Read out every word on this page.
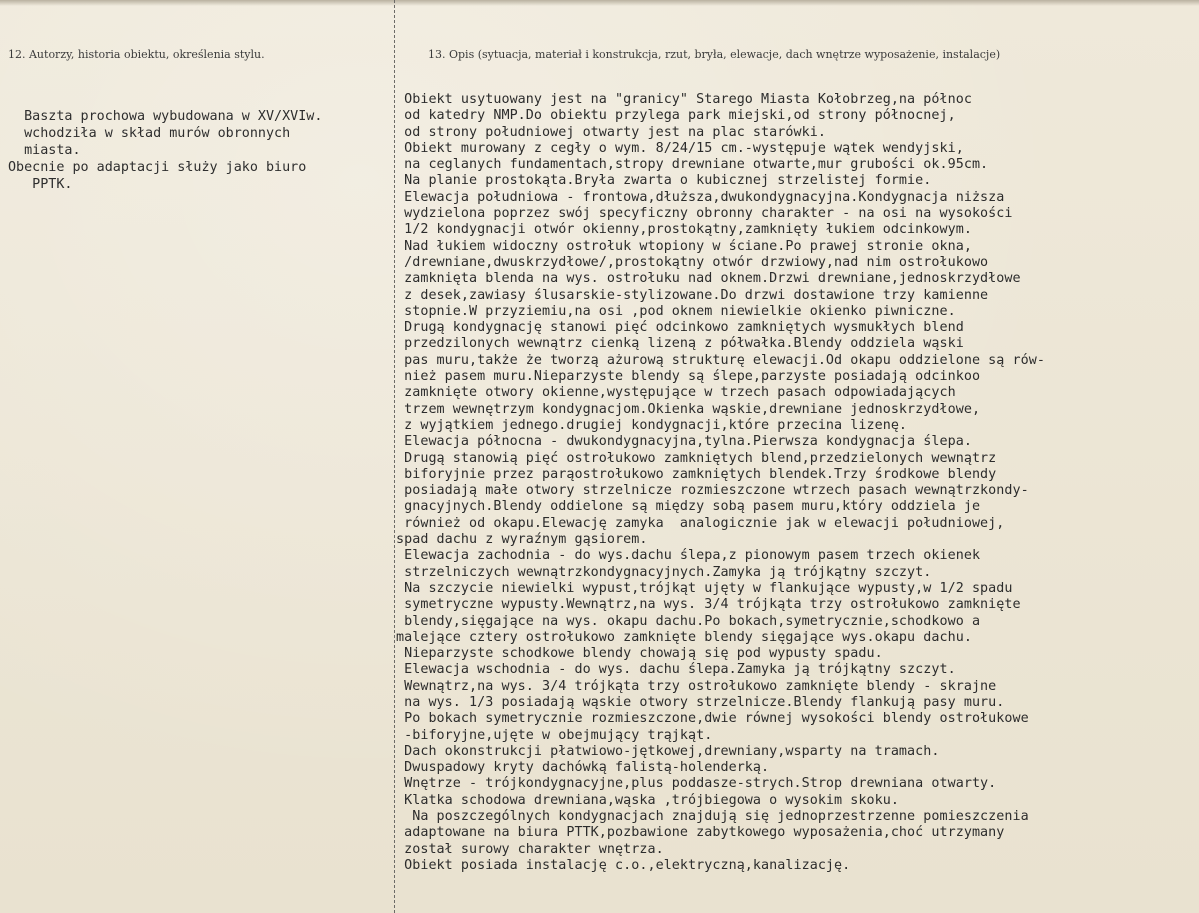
12. Autorzy, historia obiektu, określenia stylu.	13. Opis (sytuacja, materiał i konstrukcja, rzut, bryła, elewacje, dach wnętrze wyposażenie, instalacje)
Baszta prochowa wybudowana w XV/XVIw.
wchodziła w skład murów obronnych
miasta.
Obecnie po adaptacji służy jako biuro
PPTK.
Obiekt usytuowany jest na "granicy" Starego Miasta Kołobrzeg,na północ
od katedry NMP.Do obiektu przylega park miejski,od strony północnej,
od strony południowej otwarty jest na plac starówki.
Obiekt murowany z cegły o wym. 8/24/15 cm.-występuje wątek wendyjski,
na ceglanych fundamentach,stropy drewniane otwarte,mur grubości ok.95cm.
Na planie prostokąta.Bryła zwarta o kubicznej strzelistej formie.
Elewacja południowa - frontowa,dłuższa,dwukondygnacyjna.Kondygnacja niższa
wydzielona poprzez swój specyficzny obronny charakter - na osi na wysokości
1/2 kondygnacji otwór okienny,prostokątny,zamknięty łukiem odcinkowym.
Nad łukiem widoczny ostrołuk wtopiony w ściane.Po prawej stronie okna,
/drewniane,dwuskrzydłowe/,prostokątny otwór drzwiowy,nad nim ostrołukowo
zamknięta blenda na wys. ostrołuku nad oknem.Drzwi drewniane,jednoskrzydłowe
z desek,zawiasy ślusarskie-stylizowane.Do drzwi dostawione trzy kamienne
stopnie.W przyziemiu,na osi ,pod oknem niewielkie okienko piwniczne.
Drugą kondygnację stanowi pięć odcinkowo zamkniętych wysmukłych blend
przedzilonych wewnątrz cienką lizeną z półwałka.Blendy oddziela wąski
pas muru,także że tworzą ażurową strukturę elewacji.Od okapu oddzielone są rów-
nież pasem muru.Nieparzyste blendy są ślepe,parzyste posiadają odcinkoo
zamknięte otwory okienne,występujące w trzech pasach odpowiadających
trzem wewnętrzym kondygnacjom.Okienka wąskie,drewniane jednoskrzydłowe,
z wyjątkiem jednego.drugiej kondygnacji,które przecina lizenę.
Elewacja północna - dwukondygnacyjna,tylna.Pierwsza kondygnacja ślepa.
Drugą stanowią pięć ostrołukowo zamkniętych blend,przedzielonych wewnątrz
biforyjnie przez parąostrołukowo zamkniętych blendek.Trzy środkowe blendy
posiadają małe otwory strzelnicze rozmieszczone wtrzech pasach wewnątrzkondy-
gnacyjnych.Blendy oddielone są między sobą pasem muru,który oddziela je
również od okapu.Elewację zamyka  analogicznie jak w elewacji południowej,
spad dachu z wyraźnym gąsiorem.
Elewacja zachodnia - do wys.dachu ślepa,z pionowym pasem trzech okienek
strzelniczych wewnątrzkondygnacyjnych.Zamyka ją trójkątny szczyt.
Na szczycie niewielki wypust,trójkąt ujęty w flankujące wypusty,w 1/2 spadu
symetryczne wypusty.Wewnątrz,na wys. 3/4 trójkąta trzy ostrołukowo zamknięte
blendy,sięgające na wys. okapu dachu.Po bokach,symetrycznie,schodkowo a
malejące cztery ostrołukowo zamknięte blendy sięgające wys.okapu dachu.
Nieparzyste schodkowe blendy chowają się pod wypusty spadu.
Elewacja wschodnia - do wys. dachu ślepa.Zamyka ją trójkątny szczyt.
Wewnątrz,na wys. 3/4 trójkąta trzy ostrołukowo zamknięte blendy - skrajne
na wys. 1/3 posiadają wąskie otwory strzelnicze.Blendy flankują pasy muru.
Po bokach symetrycznie rozmieszczone,dwie równej wysokości blendy ostrołukowe
-biforyjne,ujęte w obejmujący trąjkąt.
Dach okonstrukcji płatwiowo-jętkowej,drewniany,wsparty na tramach.
Dwuspadowy kryty dachówką falistą-holenderką.
Wnętrze - trójkondygnacyjne,plus poddasze-strych.Strop drewniana otwarty.
Klatka schodowa drewniana,wąska ,trójbiegowa o wysokim skoku.
Na poszczególnych kondygnacjach znajdują się jednoprzestrzenne pomieszczenia
adaptowane na biura PTTK,pozbawione zabytkowego wyposażenia,choć utrzymany
został surowy charakter wnętrza.
Obiekt posiada instalację c.o.,elektryczną,kanalizację.
